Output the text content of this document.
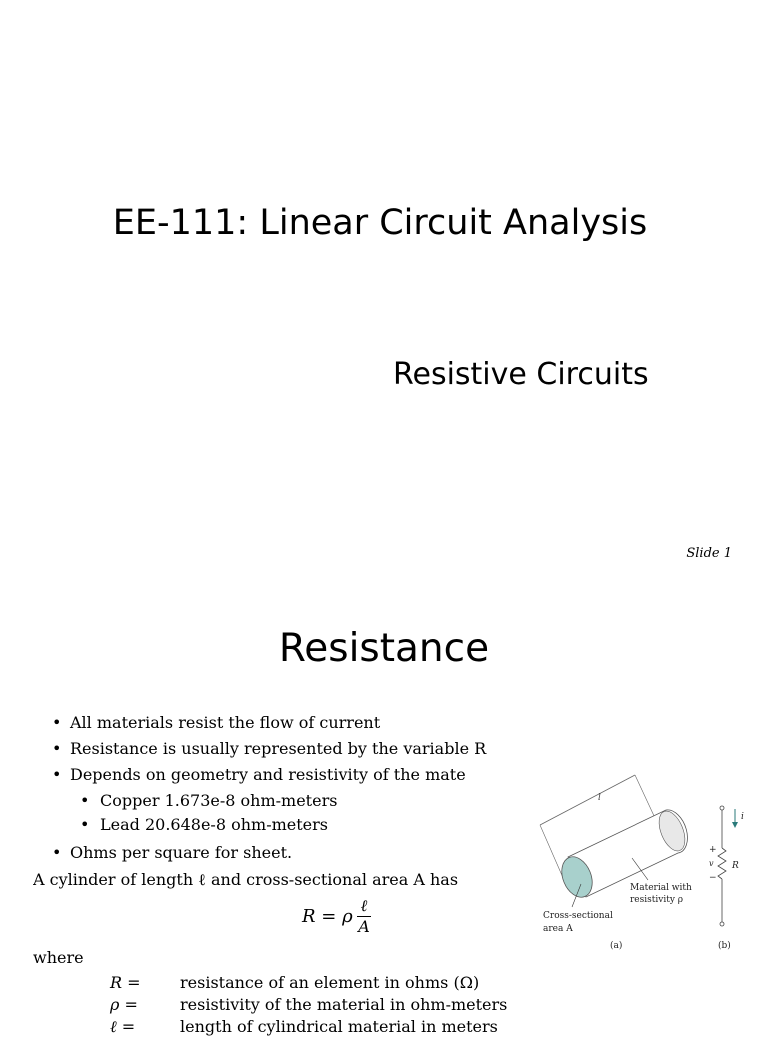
EE-111: Linear Circuit Analysis
Resistive Circuits
Slide 1
Resistance
• All materials resist the flow of current
• Resistance is usually represented by the variable R
• Depends on geometry and resistivity of the mate
• Copper 1.673e-8 ohm-meters
• Lead 20.648e-8 ohm-meters
• Ohms per square for sheet.
A cylinder of length ℓ and cross-sectional area A has
R = ρ $\frac{\text{ℓ}}{A}$
where
R =	resistance of an element in ohms (Ω)
ρ =	resistivity of the material in ohm-meters
ℓ =	length of cylindrical material in meters
l
Material with
resistivity ρ
Cross-sectional
area A
(a)
i
+
v
−
R
(b)
